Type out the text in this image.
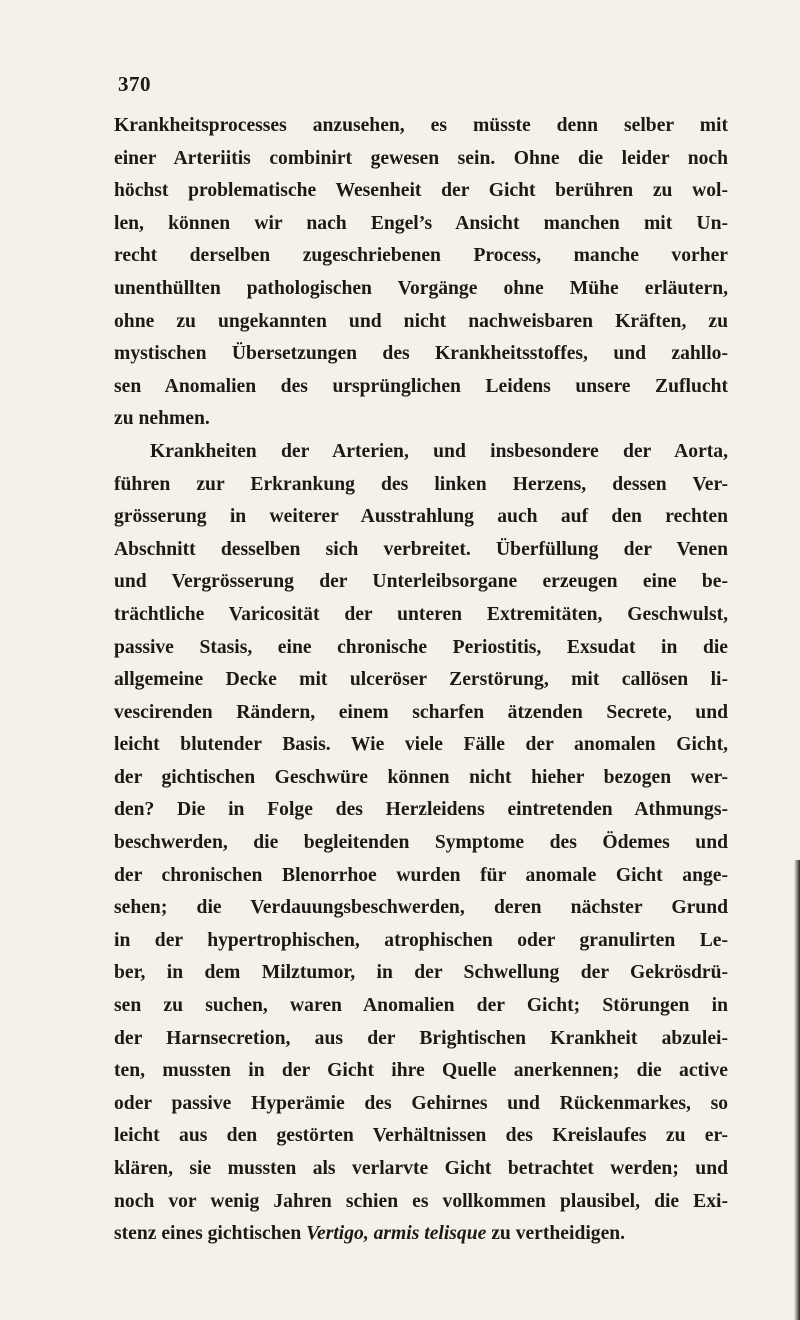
370
Krankheitsprocesses anzusehen, es müsste denn selber mit
einer Arteriitis combinirt gewesen sein. Ohne die leider noch
höchst problematische Wesenheit der Gicht berühren zu wol-
len, können wir nach Engel’s Ansicht manchen mit Un-
recht derselben zugeschriebenen Process, manche vorher
unenthüllten pathologischen Vorgänge ohne Mühe erläutern,
ohne zu ungekannten und nicht nachweisbaren Kräften, zu
mystischen Übersetzungen des Krankheitsstoffes, und zahllo-
sen Anomalien des ursprünglichen Leidens unsere Zuflucht
zu nehmen.
Krankheiten der Arterien, und insbesondere der Aorta,
führen zur Erkrankung des linken Herzens, dessen Ver-
grösserung in weiterer Ausstrahlung auch auf den rechten
Abschnitt desselben sich verbreitet. Überfüllung der Venen
und Vergrösserung der Unterleibsorgane erzeugen eine be-
trächtliche Varicosität der unteren Extremitäten, Geschwulst,
passive Stasis, eine chronische Periostitis, Exsudat in die
allgemeine Decke mit ulceröser Zerstörung, mit callösen li-
vescirenden Rändern, einem scharfen ätzenden Secrete, und
leicht blutender Basis. Wie viele Fälle der anomalen Gicht,
der gichtischen Geschwüre können nicht hieher bezogen wer-
den? Die in Folge des Herzleidens eintretenden Athmungs-
beschwerden, die begleitenden Symptome des Ödemes und
der chronischen Blenorrhoe wurden für anomale Gicht ange-
sehen; die Verdauungsbeschwerden, deren nächster Grund
in der hypertrophischen, atrophischen oder granulirten Le-
ber, in dem Milztumor, in der Schwellung der Gekrösdrü-
sen zu suchen, waren Anomalien der Gicht; Störungen in
der Harnsecretion, aus der Brightischen Krankheit abzulei-
ten, mussten in der Gicht ihre Quelle anerkennen; die active
oder passive Hyperämie des Gehirnes und Rückenmarkes, so
leicht aus den gestörten Verhältnissen des Kreislaufes zu er-
klären, sie mussten als verlarvte Gicht betrachtet werden; und
noch vor wenig Jahren schien es vollkommen plausibel, die Exi-
stenz eines gichtischen Vertigo, armis telisque zu vertheidigen.
